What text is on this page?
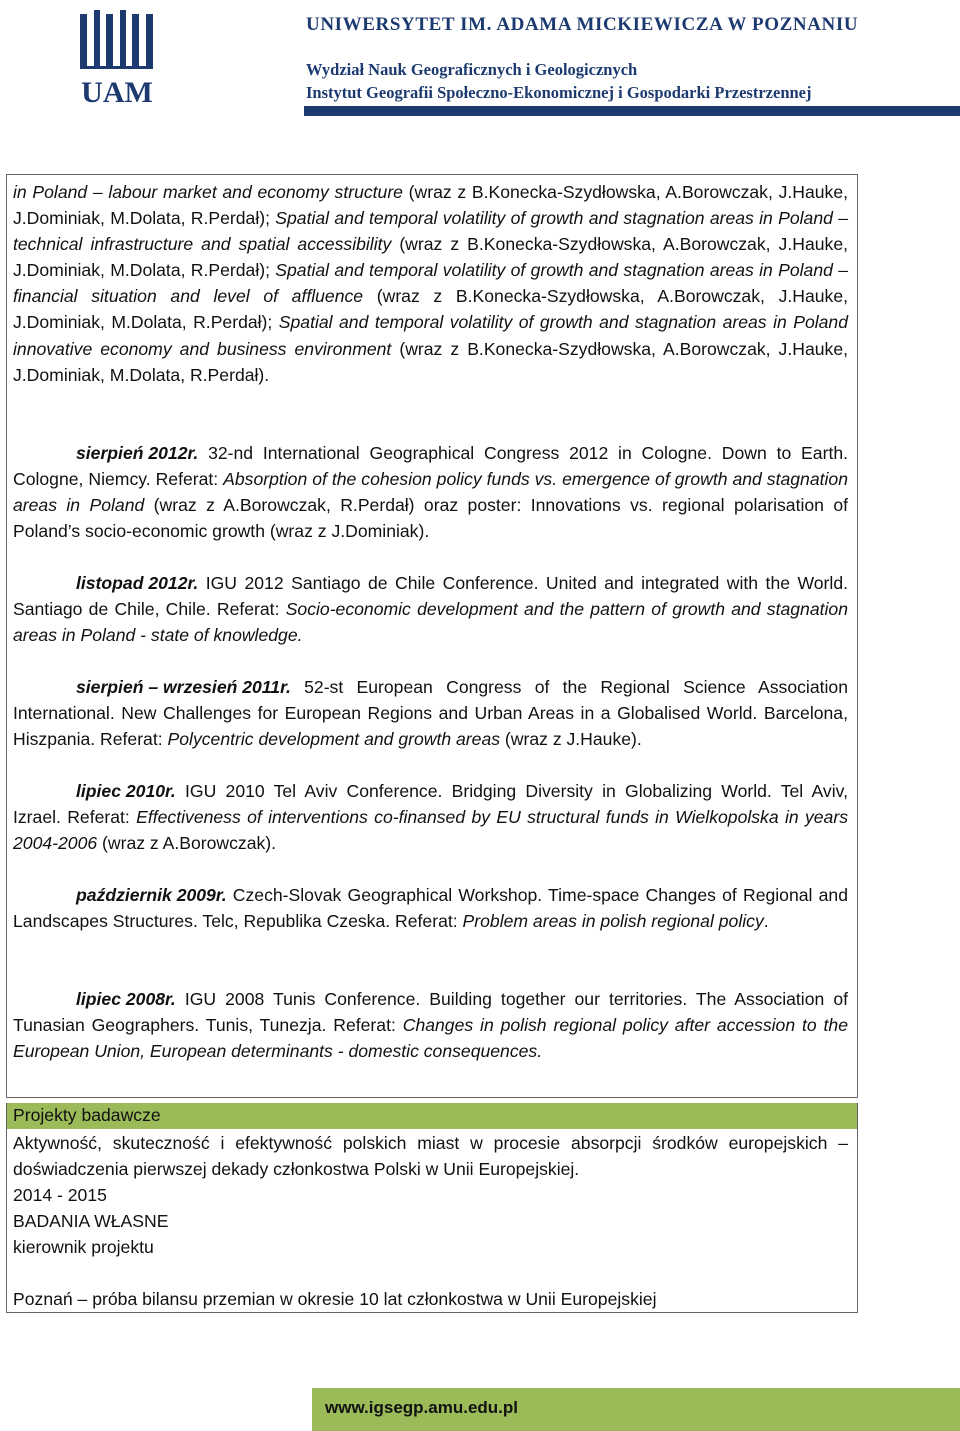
UAM
UNIWERSYTET IM. ADAMA MICKIEWICZA W POZNANIU
Wydział Nauk Geograficznych i Geologicznych
Instytut Geografii Społeczno-Ekonomicznej i Gospodarki Przestrzennej
in Poland – labour market and economy structure (wraz z B.Konecka-Szydłowska, A.Borowczak, J.Hauke, J.Dominiak, M.Dolata, R.Perdał); Spatial and temporal volatility of growth and stagnation areas in Poland – technical infrastructure and spatial accessibility (wraz z B.Konecka-Szydłowska, A.Borowczak, J.Hauke, J.Dominiak, M.Dolata, R.Perdał); Spatial and temporal volatility of growth and stagnation areas in Poland – financial situation and level of affluence (wraz z B.Konecka-Szydłowska, A.Borowczak, J.Hauke, J.Dominiak, M.Dolata, R.Perdał); Spatial and temporal volatility of growth and stagnation areas in Poland innovative economy and business environment (wraz z B.Konecka-Szydłowska, A.Borowczak, J.Hauke, J.Dominiak, M.Dolata, R.Perdał).
sierpień 2012r. 32-nd International Geographical Congress 2012 in Cologne. Down to Earth. Cologne, Niemcy. Referat: Absorption of the cohesion policy funds vs. emergence of growth and stagnation areas in Poland (wraz z A.Borowczak, R.Perdał) oraz poster: Innovations vs. regional polarisation of Poland’s socio-economic growth (wraz z J.Dominiak).
listopad 2012r. IGU 2012 Santiago de Chile Conference. United and integrated with the World. Santiago de Chile, Chile. Referat: Socio-economic development and the pattern of growth and stagnation areas in Poland - state of knowledge.
sierpień – wrzesień 2011r. 52-st European Congress of the Regional Science Association International. New Challenges for European Regions and Urban Areas in a Globalised World. Barcelona, Hiszpania. Referat: Polycentric development and growth areas (wraz z J.Hauke).
lipiec 2010r. IGU 2010 Tel Aviv Conference. Bridging Diversity in Globalizing World. Tel Aviv, Izrael. Referat: Effectiveness of interventions co-finansed by EU structural funds in Wielkopolska in years 2004-2006 (wraz z A.Borowczak).
październik 2009r. Czech-Slovak Geographical Workshop. Time-space Changes of Regional and Landscapes Structures. Telc, Republika Czeska. Referat: Problem areas in polish regional policy.
lipiec 2008r. IGU 2008 Tunis Conference. Building together our territories. The Association of Tunasian Geographers. Tunis, Tunezja. Referat: Changes in polish regional policy after accession to the European Union, European determinants - domestic consequences.
Projekty badawcze
Aktywność, skuteczność i efektywność polskich miast w procesie absorpcji środków europejskich – doświadczenia pierwszej dekady członkostwa Polski w Unii Europejskiej.
2014 - 2015
BADANIA WŁASNE
kierownik projektu
Poznań – próba bilansu przemian w okresie 10 lat członkostwa w Unii Europejskiej
www.igsegp.amu.edu.pl
